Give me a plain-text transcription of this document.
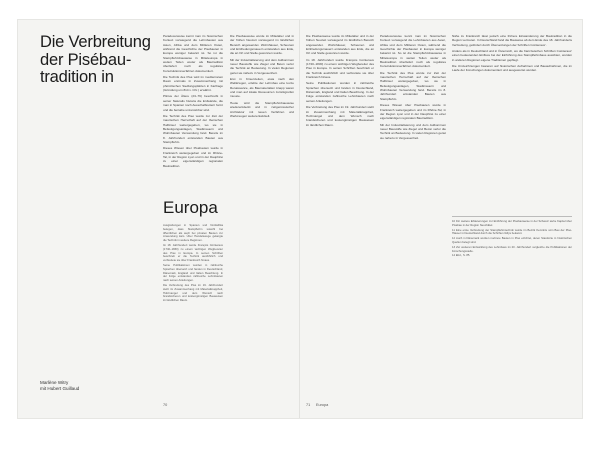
Die Verbreitung
der Pisébau-
tradition in

Paradoxerweise kennt man im historischen Kontext vorwiegend die Lehmbauten aus Asien, Afrika und dem Mittleren Osten, während die Geschichte der Pisébauten in Europa weniger bekannt ist. So ist die Stampflehmbauweise in Mitteleuropa in weiten Teilen weder als Bautradition überliefert noch als reguläres Konstruktionsverfahren dokumentiert.

Die Technik des Pisé wird im mediterranen Raum erstmals in Zusammenhang mit phönizischen Siedlungsplätzen in Karthago (Gründung um 814 v. Chr.) erwähnt.

Plinius der Ältere (23–79) beschreibt in seiner Naturalis historia die Erdwände, die man in Spanien noch Ausschalbrettern formt und die beinahe unzerstörbar sind.

Die Technik des Pisé wurde zur Zeit der maurischen Herrschaft auf der Iberischen Halbinsel weitergegeben, wo sie in Befestigungsanlagen, Stadtmauern und Wohnbauten Verwendung fand. Bereits im 8. Jahrhundert entstanden Bauten aus Stampflehm.

Dieses Wissen über Pisébauten wurde in Frankreich weitergegeben und im Rhône-Tal, in der Region Lyon und in der Dauphiné zu einer eigenständigen regionalen Bautradition.

Europa

Ausgrabungen in Spanien und Nordafrika belegen, dass Stampflehm sowohl bei öffentlichen als auch bei privaten Bauten zur Anwendung kam. Über Handelswege gelangte die Technik in weitere Regionen.

Im 18. Jahrhundert wurde François Cointeraux (1740–1830) zu einem wichtigen Wegbereiter des Pisé in Europa. In seinen Schriften beschrieb er die Technik ausführlich und verbreitete sie über Frankreich hinaus.

Seine Publikationen wurden in zahlreiche Sprachen übersetzt und fanden in Deutschland, Dänemark, England und Italien Beachtung. In der Folge entstanden zahlreiche Lehmbauten nach seinen Anleitungen.

Die Verbreitung des Pisé im 19. Jahrhundert steht im Zusammenhang mit Materialknappheit, Holzmangel und dem Wunsch nach brandsicheren und kostengünstigen Bauweisen im ländlichen Raum.

Die Pisébauweise wurde im Mittelalter und in der frühen Neuzeit vorwiegend im ländlichen Bereich angewendet. Wohnhäuser, Scheunen und Einfriedungsmauern entstanden aus Erde, die an Ort und Stelle gewonnen wurde.

Mit der Industrialisierung und dem Aufkommen neuer Baustoffe wie Ziegel und Beton verlor die Technik an Bedeutung. In vielen Regionen geriet sie nahezu in Vergessenheit.

Erst in Krisenzeiten, etwa nach den Weltkriegen, erlebte der Lehmbau eine kurze Renaissance, als Baumaterialien knapp waren und man auf lokale Ressourcen zurückgreifen musste.

Heute wird die Stampflehmbauweise wiederentdeckt und in zeitgenössischer Architektur mit neuen Verfahren und Werkzeugen weiterentwickelt.

Marlène Witry
mit Hubert Guillaud
70

Die Pisébauweise wurde im Mittelalter und in der frühen Neuzeit vorwiegend im ländlichen Bereich angewendet. Wohnhäuser, Scheunen und Einfriedungsmauern entstanden aus Erde, die an Ort und Stelle gewonnen wurde.

Im 18. Jahrhundert wurde François Cointeraux (1740–1830) zu einem wichtigen Wegbereiter des Pisé in Europa. In seinen Schriften beschrieb er die Technik ausführlich und verbreitete sie über Frankreich hinaus.

Seine Publikationen wurden in zahlreiche Sprachen übersetzt und fanden in Deutschland, Dänemark, England und Italien Beachtung. In der Folge entstanden zahlreiche Lehmbauten nach seinen Anleitungen.

Die Verbreitung des Pisé im 19. Jahrhundert steht im Zusammenhang mit Materialknappheit, Holzmangel und dem Wunsch nach brandsicheren und kostengünstigen Bauweisen im ländlichen Raum.

Paradoxerweise kennt man im historischen Kontext vorwiegend die Lehmbauten aus Asien, Afrika und dem Mittleren Osten, während die Geschichte der Pisébauten in Europa weniger bekannt ist. So ist die Stampflehmbauweise in Mitteleuropa in weiten Teilen weder als Bautradition überliefert noch als reguläres Konstruktionsverfahren dokumentiert.

Die Technik des Pisé wurde zur Zeit der maurischen Herrschaft auf der Iberischen Halbinsel weitergegeben, wo sie in Befestigungsanlagen, Stadtmauern und Wohnbauten Verwendung fand. Bereits im 8. Jahrhundert entstanden Bauten aus Stampflehm.

Dieses Wissen über Pisébauten wurde in Frankreich weitergegeben und im Rhône-Tal, in der Region Lyon und in der Dauphiné zu einer eigenständigen regionalen Bautradition.

Mit der Industrialisierung und dem Aufkommen neuer Baustoffe wie Ziegel und Beton verlor die Technik an Bedeutung. In vielen Regionen geriet sie nahezu in Vergessenheit.

Nähe zu Frankreich lässt jedoch eine frühere Einwanderung der Bautradition in die Region vermuten. In Deutschland fand die Bauweise ab dem Ende des 18. Jahrhunderts Verbreitung, gefördert durch Übersetzungen der Schriften Cointeraux'.

Anders als in Deutschland und in Österreich, wo die französischen Schriften Cointeraux' einen bedeutenden Einfluss bei der Einführung des Stampflehmbaus ausübten, wurden in anderen Regionen eigene Traditionen gepflegt.

Die Umzeichnungen basieren auf historischen Aufnahmen und Bauaufnahmen, die im Laufe der Forschungen dokumentiert und ausgewertet wurden.

10 Für weitere Erläuterungen zur Einführung der Pisébauweise in der Schweiz siehe Kapitel über Pisébau in der Region Neuchâtel.

11 Eine erste Verbreitung der Stampflehmtechnik wurde im Bezirk Kenntnis vom Bau der Pisé-Häuser in Deutschland durch die Schriften Gillys bekannt.

12 Auch in Dänemark wurden mehrere Bauten in Pisé errichtet, deren Standorte in historischen Quellen belegt sind.

13 Zur weiteren Entwicklung des Lehmbaus im 20. Jahrhundert vergleiche die Publikationen der Forschungsstelle.

14 Ebd., S. 85.

71 Europa
